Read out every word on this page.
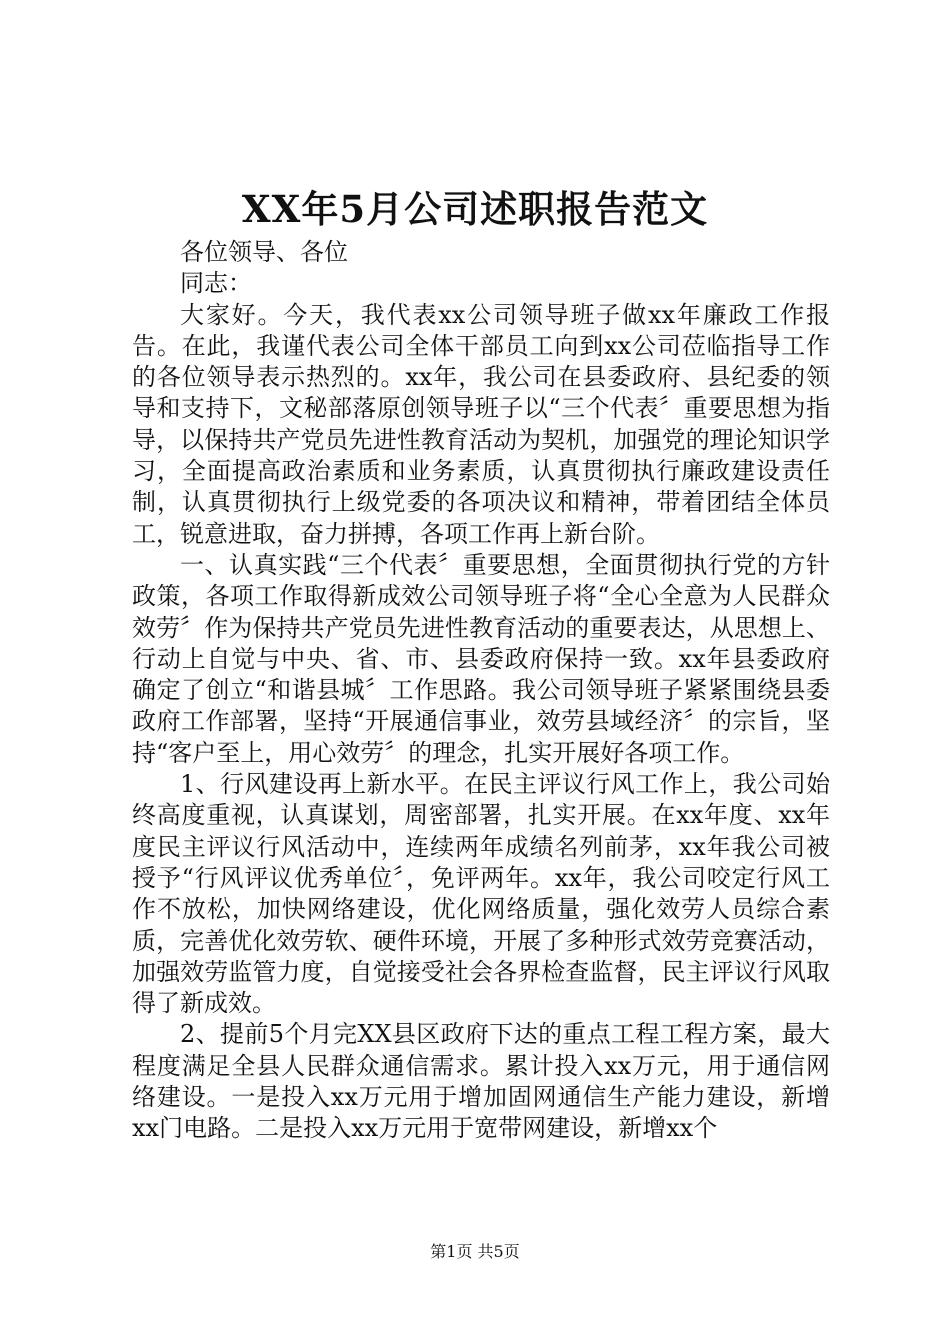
XX年5月公司述职报告范文

各位领导、各位

同志：

大家好。今天，我代表xx公司领导班子做xx年廉政工作报告。在此，我谨代表公司全体干部员工向到xx公司莅临指导工作的各位领导表示热烈的。xx年，我公司在县委政府、县纪委的领导和支持下，文秘部落原创领导班子以“三个代表〞重要思想为指导，以保持共产党员先进性教育活动为契机，加强党的理论知识学习，全面提高政治素质和业务素质，认真贯彻执行廉政建设责任制，认真贯彻执行上级党委的各项决议和精神，带着团结全体员工，锐意进取，奋力拼搏，各项工作再上新台阶。

一、认真实践“三个代表〞重要思想，全面贯彻执行党的方针政策，各项工作取得新成效公司领导班子将“全心全意为人民群众效劳〞作为保持共产党员先进性教育活动的重要表达，从思想上、行动上自觉与中央、省、市、县委政府保持一致。xx年县委政府确定了创立“和谐县城〞工作思路。我公司领导班子紧紧围绕县委政府工作部署，坚持“开展通信事业，效劳县域经济〞的宗旨，坚持“客户至上，用心效劳〞的理念，扎实开展好各项工作。

1、行风建设再上新水平。在民主评议行风工作上，我公司始终高度重视，认真谋划，周密部署，扎实开展。在xx年度、xx年度民主评议行风活动中，连续两年成绩名列前茅，xx年我公司被授予“行风评议优秀单位〞，免评两年。xx年，我公司咬定行风工作不放松，加快网络建设，优化网络质量，强化效劳人员综合素质，完善优化效劳软、硬件环境，开展了多种形式效劳竞赛活动，加强效劳监管力度，自觉接受社会各界检查监督，民主评议行风取得了新成效。

2、提前5个月完XX县区政府下达的重点工程工程方案，最大程度满足全县人民群众通信需求。累计投入xx万元，用于通信网络建设。一是投入xx万元用于增加固网通信生产能力建设，新增xx门电路。二是投入xx万元用于宽带网建设，新增xx个

第1页 共5页
